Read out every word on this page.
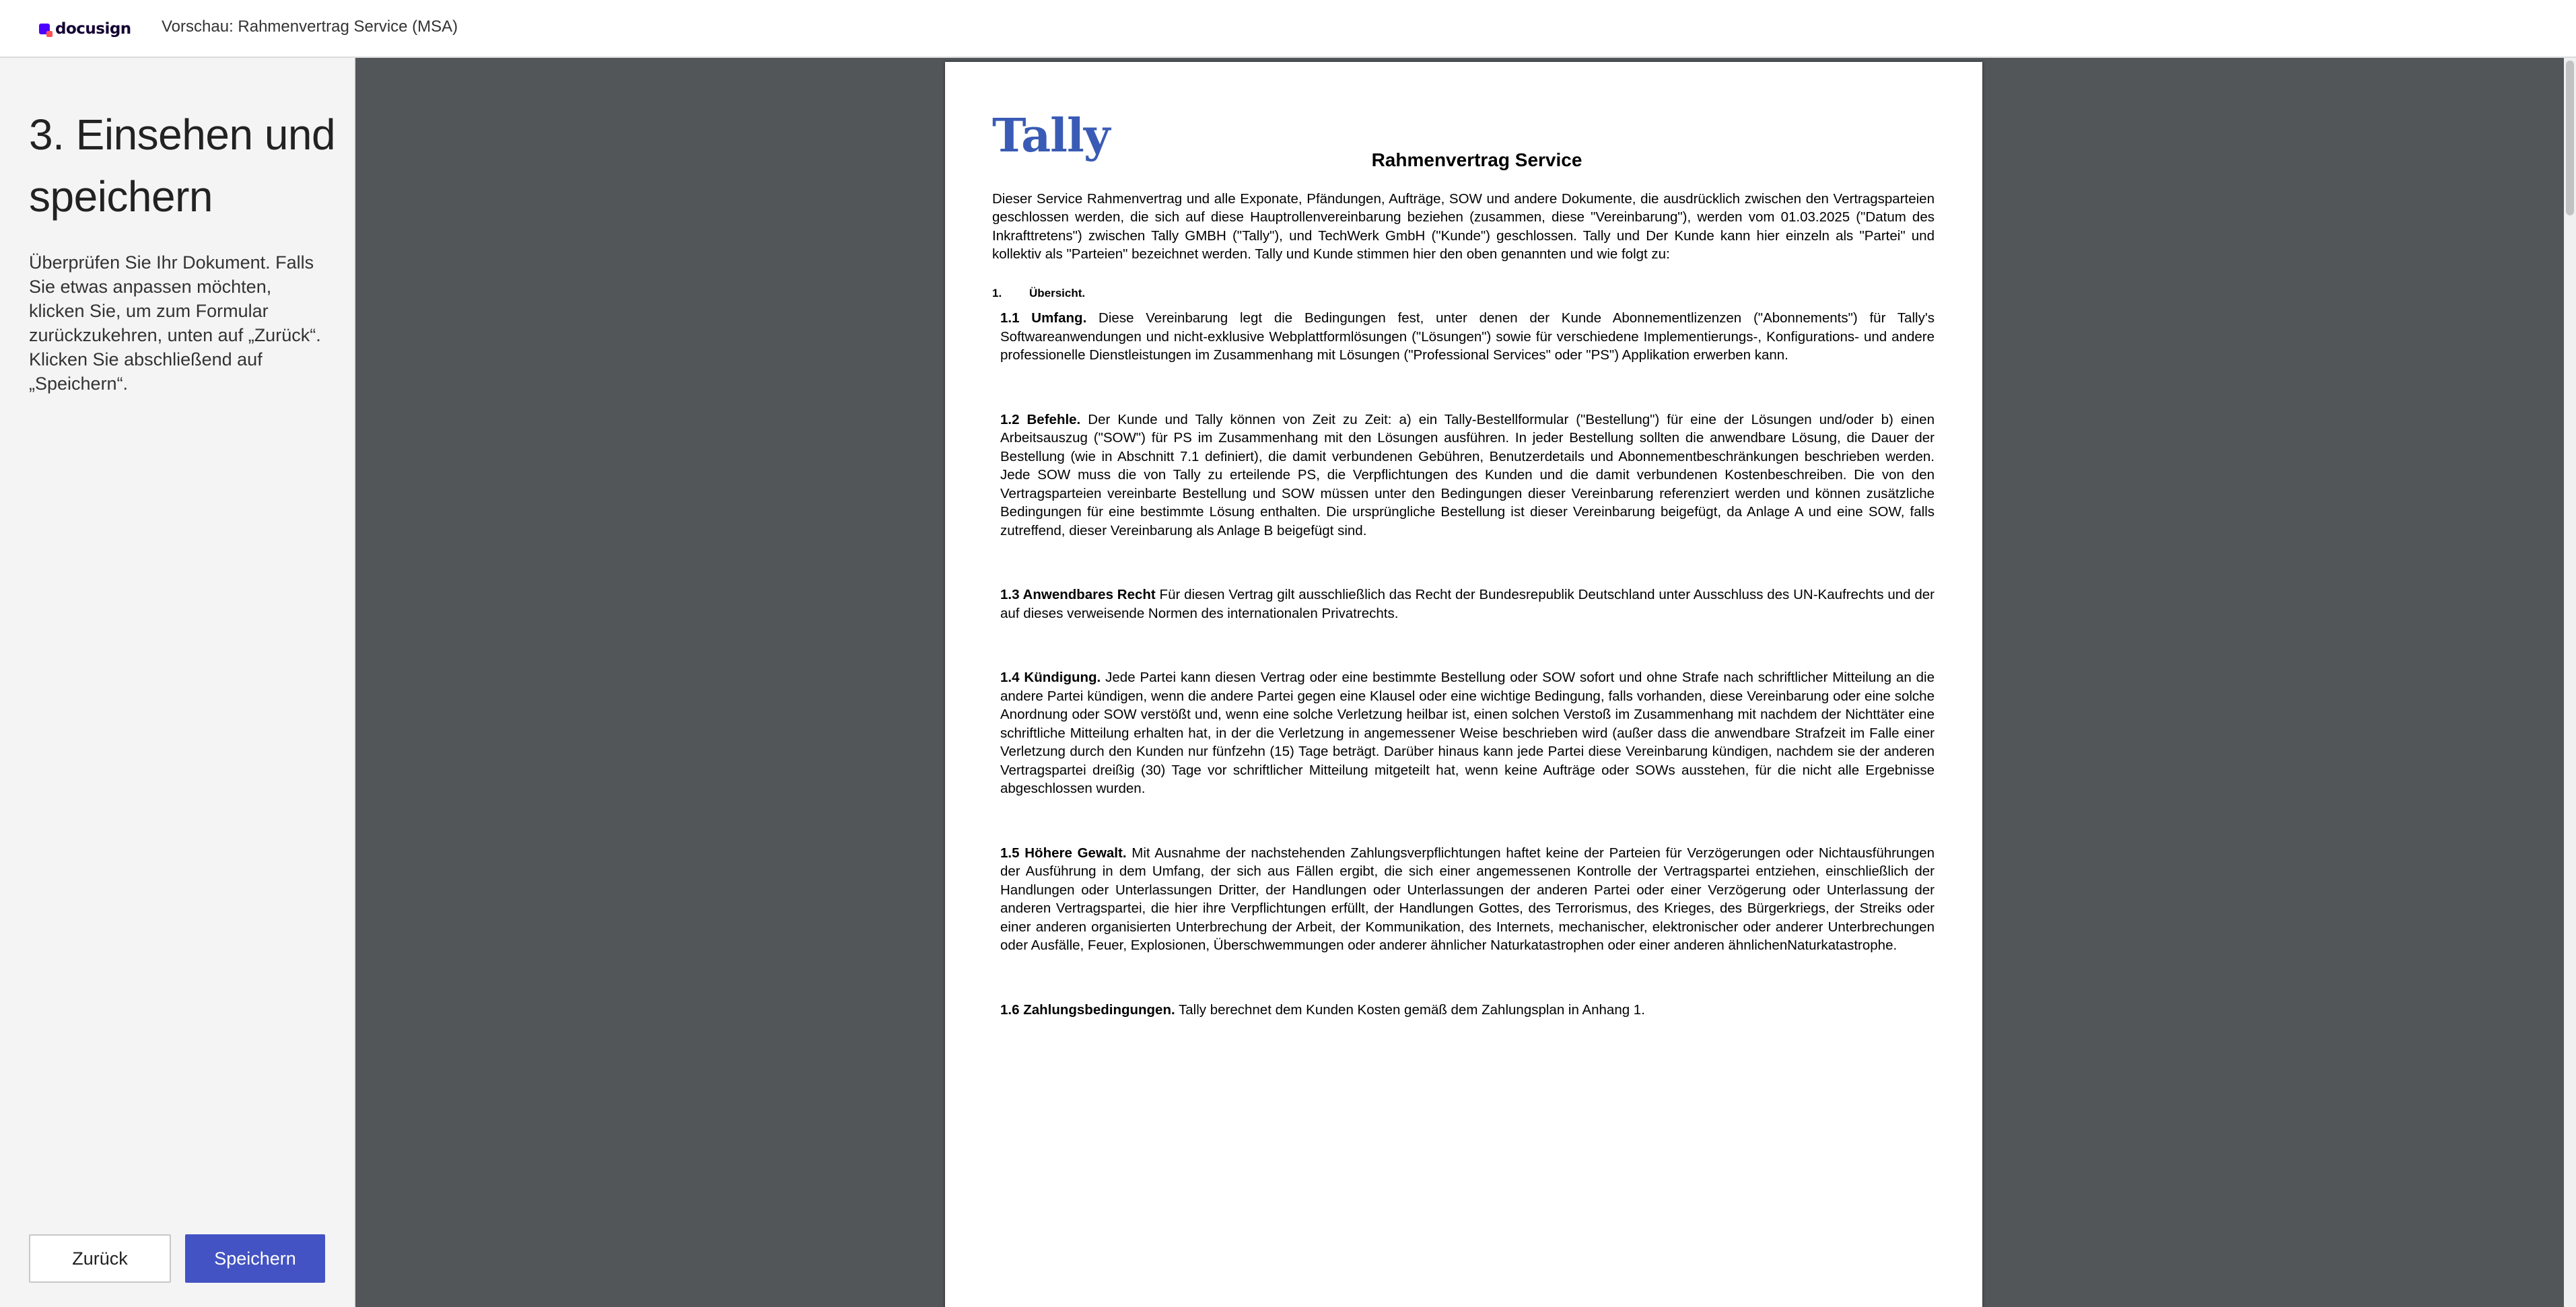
docusign Vorschau: Rahmenvertrag Service (MSA)
3. Einsehen und speichern

Überprüfen Sie Ihr Dokument. Falls Sie etwas anpassen möchten, klicken Sie, um zum Formular zurückzukehren, unten auf „Zurück“. Klicken Sie abschließend auf „Speichern“.

Zurück	Speichern
Tally	Rahmenvertrag Service

Dieser Service Rahmenvertrag und alle Exponate, Pfändungen, Aufträge, SOW und andere Dokumente, die ausdrücklich zwischen den Vertragsparteien geschlossen werden, die sich auf diese Hauptrollenvereinbarung beziehen (zusammen, diese "Vereinbarung"), werden vom 01.03.2025 ("Datum des Inkrafttretens") zwischen Tally GMBH ("Tally"), und TechWerk GmbH ("Kunde") geschlossen. Tally und Der Kunde kann hier einzeln als "Partei" und kollektiv als "Parteien" bezeichnet werden. Tally und Kunde stimmen hier den oben genannten und wie folgt zu:

1. Übersicht.

1.1 Umfang. Diese Vereinbarung legt die Bedingungen fest, unter denen der Kunde Abonnementlizenzen ("Abonnements") für Tally's Softwareanwendungen und nicht-exklusive Webplattformlösungen ("Lösungen") sowie für verschiedene Implementierungs-, Konfigurations- und andere professionelle Dienstleistungen im Zusammenhang mit Lösungen ("Professional Services" oder "PS") Applikation erwerben kann.

1.2 Befehle. Der Kunde und Tally können von Zeit zu Zeit: a) ein Tally-Bestellformular ("Bestellung") für eine der Lösungen und/oder b) einen Arbeitsauszug ("SOW") für PS im Zusammenhang mit den Lösungen ausführen. In jeder Bestellung sollten die anwendbare Lösung, die Dauer der Bestellung (wie in Abschnitt 7.1 definiert), die damit verbundenen Gebühren, Benutzerdetails und Abonnementbeschränkungen beschrieben werden. Jede SOW muss die von Tally zu erteilende PS, die Verpflichtungen des Kunden und die damit verbundenen Kostenbeschreiben. Die von den Vertragsparteien vereinbarte Bestellung und SOW müssen unter den Bedingungen dieser Vereinbarung referenziert werden und können zusätzliche Bedingungen für eine bestimmte Lösung enthalten. Die ursprüngliche Bestellung ist dieser Vereinbarung beigefügt, da Anlage A und eine SOW, falls zutreffend, dieser Vereinbarung als Anlage B beigefügt sind.

1.3 Anwendbares Recht Für diesen Vertrag gilt ausschließlich das Recht der Bundesrepublik Deutschland unter Ausschluss des UN-Kaufrechts und der auf dieses verweisende Normen des internationalen Privatrechts.

1.4 Kündigung. Jede Partei kann diesen Vertrag oder eine bestimmte Bestellung oder SOW sofort und ohne Strafe nach schriftlicher Mitteilung an die andere Partei kündigen, wenn die andere Partei gegen eine Klausel oder eine wichtige Bedingung, falls vorhanden, diese Vereinbarung oder eine solche Anordnung oder SOW verstößt und, wenn eine solche Verletzung heilbar ist, einen solchen Verstoß im Zusammenhang mit nachdem der Nichttäter eine schriftliche Mitteilung erhalten hat, in der die Verletzung in angemessener Weise beschrieben wird (außer dass die anwendbare Strafzeit im Falle einer Verletzung durch den Kunden nur fünfzehn (15) Tage beträgt. Darüber hinaus kann jede Partei diese Vereinbarung kündigen, nachdem sie der anderen Vertragspartei dreißig (30) Tage vor schriftlicher Mitteilung mitgeteilt hat, wenn keine Aufträge oder SOWs ausstehen, für die nicht alle Ergebnisse abgeschlossen wurden.

1.5 Höhere Gewalt. Mit Ausnahme der nachstehenden Zahlungsverpflichtungen haftet keine der Parteien für Verzögerungen oder Nichtausführungen der Ausführung in dem Umfang, der sich aus Fällen ergibt, die sich einer angemessenen Kontrolle der Vertragspartei entziehen, einschließlich der Handlungen oder Unterlassungen Dritter, der Handlungen oder Unterlassungen der anderen Partei oder einer Verzögerung oder Unterlassung der anderen Vertragspartei, die hier ihre Verpflichtungen erfüllt, der Handlungen Gottes, des Terrorismus, des Krieges, des Bürgerkriegs, der Streiks oder einer anderen organisierten Unterbrechung der Arbeit, der Kommunikation, des Internets, mechanischer, elektronischer oder anderer Unterbrechungen oder Ausfälle, Feuer, Explosionen, Überschwemmungen oder anderer ähnlicher Naturkatastrophen oder einer anderen ähnlichenNaturkatastrophe.

1.6 Zahlungsbedingungen. Tally berechnet dem Kunden Kosten gemäß dem Zahlungsplan in Anhang 1.
